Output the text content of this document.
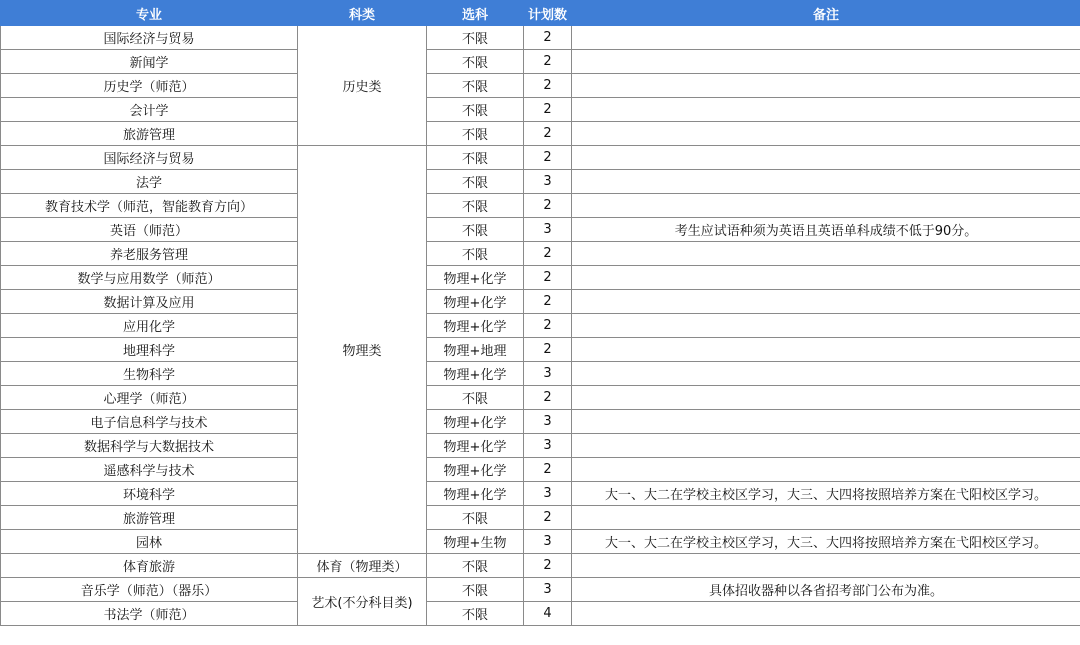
专业	科类	选科	计划数	备注
国际经济与贸易	历史类	不限	2	
新闻学		不限	2	
历史学（师范）		不限	2	
会计学		不限	2	
旅游管理		不限	2	
国际经济与贸易	物理类	不限	2	
法学		不限	3	
教育技术学（师范，智能教育方向）		不限	2	
英语（师范）		不限	3	考生应试语种须为英语且英语单科成绩不低于90分。
养老服务管理		不限	2	
数学与应用数学（师范）		物理+化学	2	
数据计算及应用		物理+化学	2	
应用化学		物理+化学	2	
地理科学		物理+地理	2	
生物科学		物理+化学	3	
心理学（师范）		不限	2	
电子信息科学与技术		物理+化学	3	
数据科学与大数据技术		物理+化学	3	
遥感科学与技术		物理+化学	2	
环境科学		物理+化学	3	大一、大二在学校主校区学习，大三、大四将按照培养方案在弋阳校区学习。
旅游管理		不限	2	
园林		物理+生物	3	大一、大二在学校主校区学习，大三、大四将按照培养方案在弋阳校区学习。
体育旅游	体育（物理类）	不限	2	
音乐学（师范）（器乐）	艺术(不分科目类)	不限	3	具体招收器种以各省招考部门公布为准。
书法学（师范）		不限	4	
